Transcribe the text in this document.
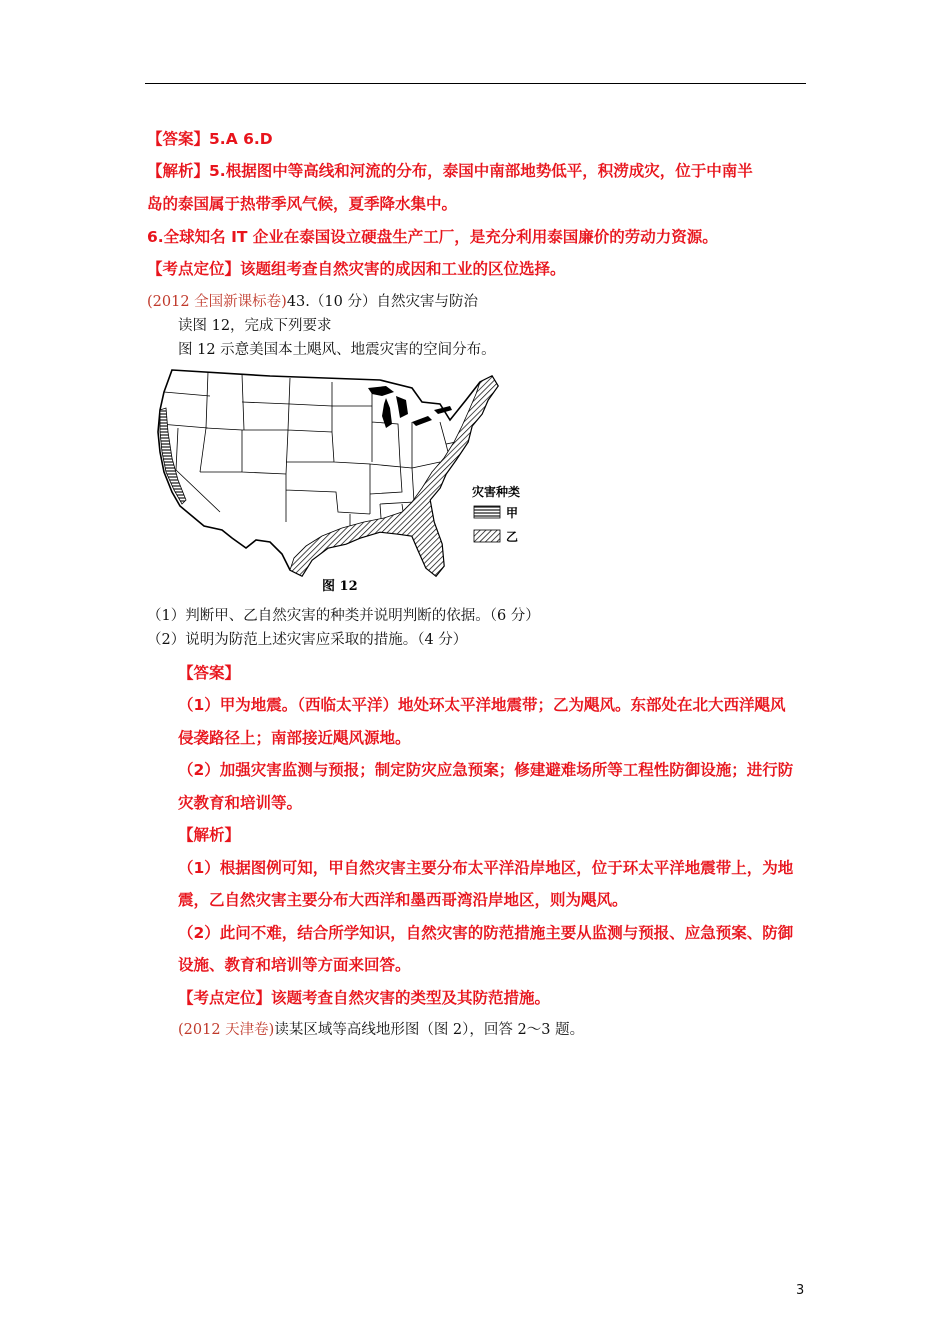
【答案】5.A 6.D
【解析】5.根据图中等高线和河流的分布，泰国中南部地势低平，积涝成灾，位于中南半
岛的泰国属于热带季风气候，夏季降水集中。
6.全球知名 IT 企业在泰国设立硬盘生产工厂，是充分利用泰国廉价的劳动力资源。
【考点定位】该题组考查自然灾害的成因和工业的区位选择。
(2012 全国新课标卷)43.（10 分）自然灾害与防治
读图 12，完成下列要求
图 12 示意美国本土飓风、地震灾害的空间分布。
灾害种类
甲
乙
图 12
（1）判断甲、乙自然灾害的种类并说明判断的依据。（6 分）
（2）说明为防范上述灾害应采取的措施。（4 分）
【答案】
（1）甲为地震。（西临太平洋）地处环太平洋地震带；乙为飓风。东部处在北大西洋飓风
侵袭路径上；南部接近飓风源地。
（2）加强灾害监测与预报；制定防灾应急预案；修建避难场所等工程性防御设施；进行防
灾教育和培训等。
【解析】
（1）根据图例可知，甲自然灾害主要分布太平洋沿岸地区，位于环太平洋地震带上，为地
震，乙自然灾害主要分布大西洋和墨西哥湾沿岸地区，则为飓风。
（2）此问不难，结合所学知识，自然灾害的防范措施主要从监测与预报、应急预案、防御
设施、教育和培训等方面来回答。
【考点定位】该题考查自然灾害的类型及其防范措施。
(2012 天津卷)读某区域等高线地形图（图 2），回答 2～3 题。
3
